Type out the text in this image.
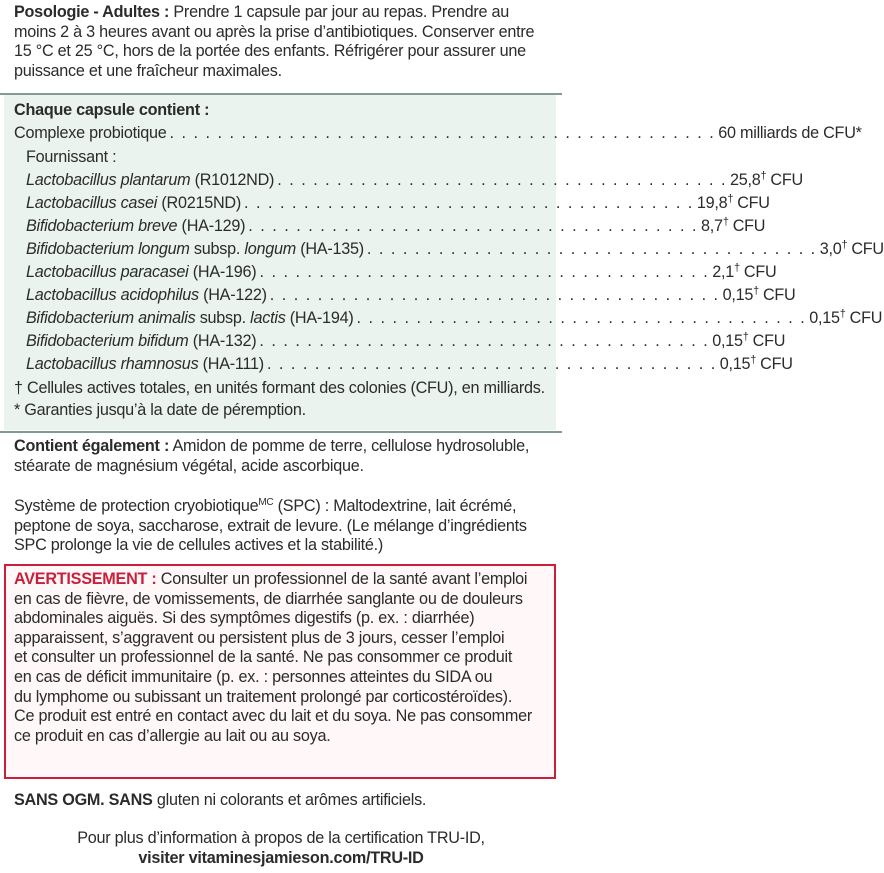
Posologie - Adultes : Prendre 1 capsule par jour au repas. Prendre au
moins 2 à 3 heures avant ou après la prise d’antibiotiques. Conserver entre
15 °C et 25 °C, hors de la portée des enfants. Réfrigérer pour assurer une
puissance et une fraîcheur maximales.
Chaque capsule contient :
Complexe probiotique . . . . . . . . . . . . . . . . . . . . . . . . . . . . . . . . . . . . . . . . . . . . . . 60 milliards de CFU*
Fournissant :
Lactobacillus plantarum (R1012ND) . . . . . . . . . . . . . . . . . . . . . . . . . . . . . . . . . . . . . . 25,8† CFU
Lactobacillus casei (R0215ND) . . . . . . . . . . . . . . . . . . . . . . . . . . . . . . . . . . . . . . 19,8† CFU
Bifidobacterium breve (HA-129) . . . . . . . . . . . . . . . . . . . . . . . . . . . . . . . . . . . . . . 8,7† CFU
Bifidobacterium longum subsp. longum (HA-135) . . . . . . . . . . . . . . . . . . . . . . . . . . . . . . . . . . . . . . 3,0† CFU
Lactobacillus paracasei (HA-196) . . . . . . . . . . . . . . . . . . . . . . . . . . . . . . . . . . . . . . 2,1† CFU
Lactobacillus acidophilus (HA-122) . . . . . . . . . . . . . . . . . . . . . . . . . . . . . . . . . . . . . . 0,15† CFU
Bifidobacterium animalis subsp. lactis (HA-194) . . . . . . . . . . . . . . . . . . . . . . . . . . . . . . . . . . . . . . 0,15† CFU
Bifidobacterium bifidum (HA-132) . . . . . . . . . . . . . . . . . . . . . . . . . . . . . . . . . . . . . . 0,15† CFU
Lactobacillus rhamnosus (HA-111) . . . . . . . . . . . . . . . . . . . . . . . . . . . . . . . . . . . . . . 0,15† CFU
† Cellules actives totales, en unités formant des colonies (CFU), en milliards.
* Garanties jusqu’à la date de péremption.
Contient également : Amidon de pomme de terre, cellulose hydrosoluble,
stéarate de magnésium végétal, acide ascorbique.
Système de protection cryobiotique$^{MC}$ (SPC) : Maltodextrine, lait écrémé,
peptone de soya, saccharose, extrait de levure. (Le mélange d’ingrédients
SPC prolonge la vie de cellules actives et la stabilité.)
AVERTISSEMENT : Consulter un professionnel de la santé avant l’emploi
en cas de fièvre, de vomissements, de diarrhée sanglante ou de douleurs
abdominales aiguës. Si des symptômes digestifs (p. ex. : diarrhée)
apparaissent, s’aggravent ou persistent plus de 3 jours, cesser l’emploi
et consulter un professionnel de la santé. Ne pas consommer ce produit
en cas de déficit immunitaire (p. ex. : personnes atteintes du SIDA ou
du lymphome ou subissant un traitement prolongé par corticostéroïdes).
Ce produit est entré en contact avec du lait et du soya. Ne pas consommer
ce produit en cas d’allergie au lait ou au soya.
SANS OGM. SANS gluten ni colorants et arômes artificiels.
Pour plus d’information à propos de la certification TRU-ID,
visiter vitaminesjamieson.com/TRU-ID
